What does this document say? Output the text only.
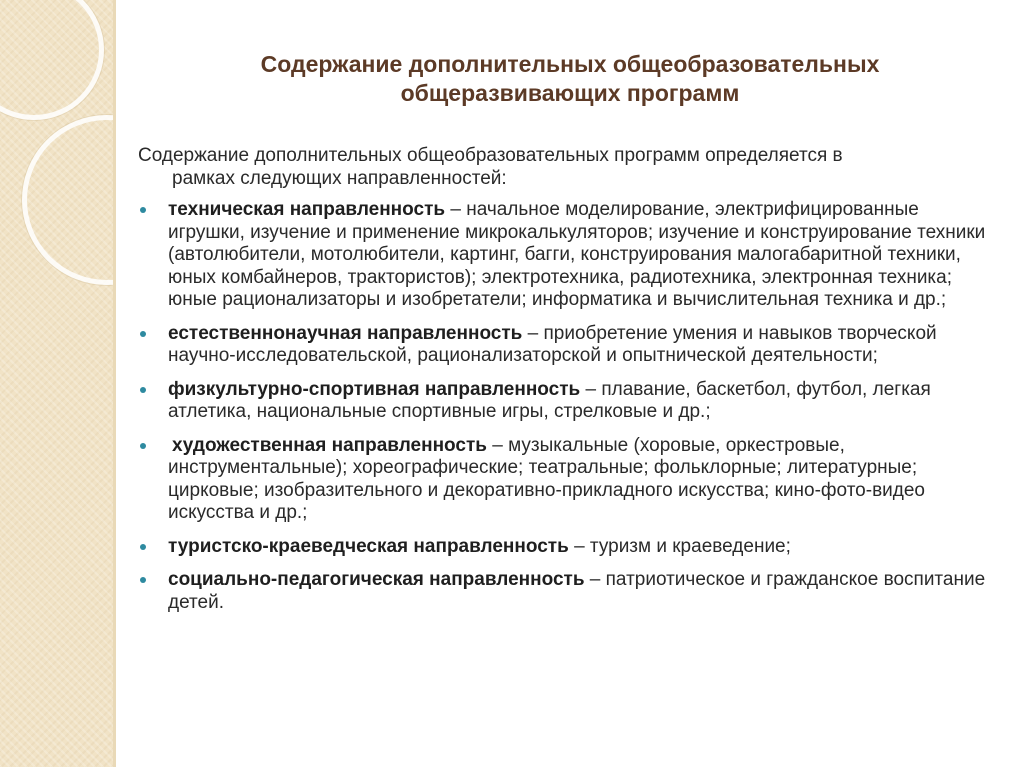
Содержание дополнительных общеобразовательных
общеразвивающих программ

Содержание дополнительных общеобразовательных программ определяется в
рамках следующих направленностей:

техническая направленность – начальное моделирование, электрифицированные игрушки, изучение и применение микрокалькуляторов; изучение и конструирование техники (автолюбители, мотолюбители, картинг, багги, конструирования малогабаритной техники, юных комбайнеров, трактористов); электротехника, радиотехника, электронная техника; юные рационализаторы и изобретатели; информатика и вычислительная техника и др.;
естественнонаучная направленность – приобретение умения и навыков творческой научно-исследовательской, рационализаторской и опытнической деятельности;
физкультурно-спортивная направленность – плавание, баскетбол, футбол, легкая атлетика, национальные спортивные игры, стрелковые и др.;
художественная направленность – музыкальные (хоровые, оркестровые, инструментальные); хореографические; театральные; фольклорные; литературные; цирковые; изобразительного и декоративно-прикладного искусства; кино-фото-видео искусства и др.;
туристско-краеведческая направленность – туризм и краеведение;
социально-педагогическая направленность – патриотическое и гражданское воспитание детей.
